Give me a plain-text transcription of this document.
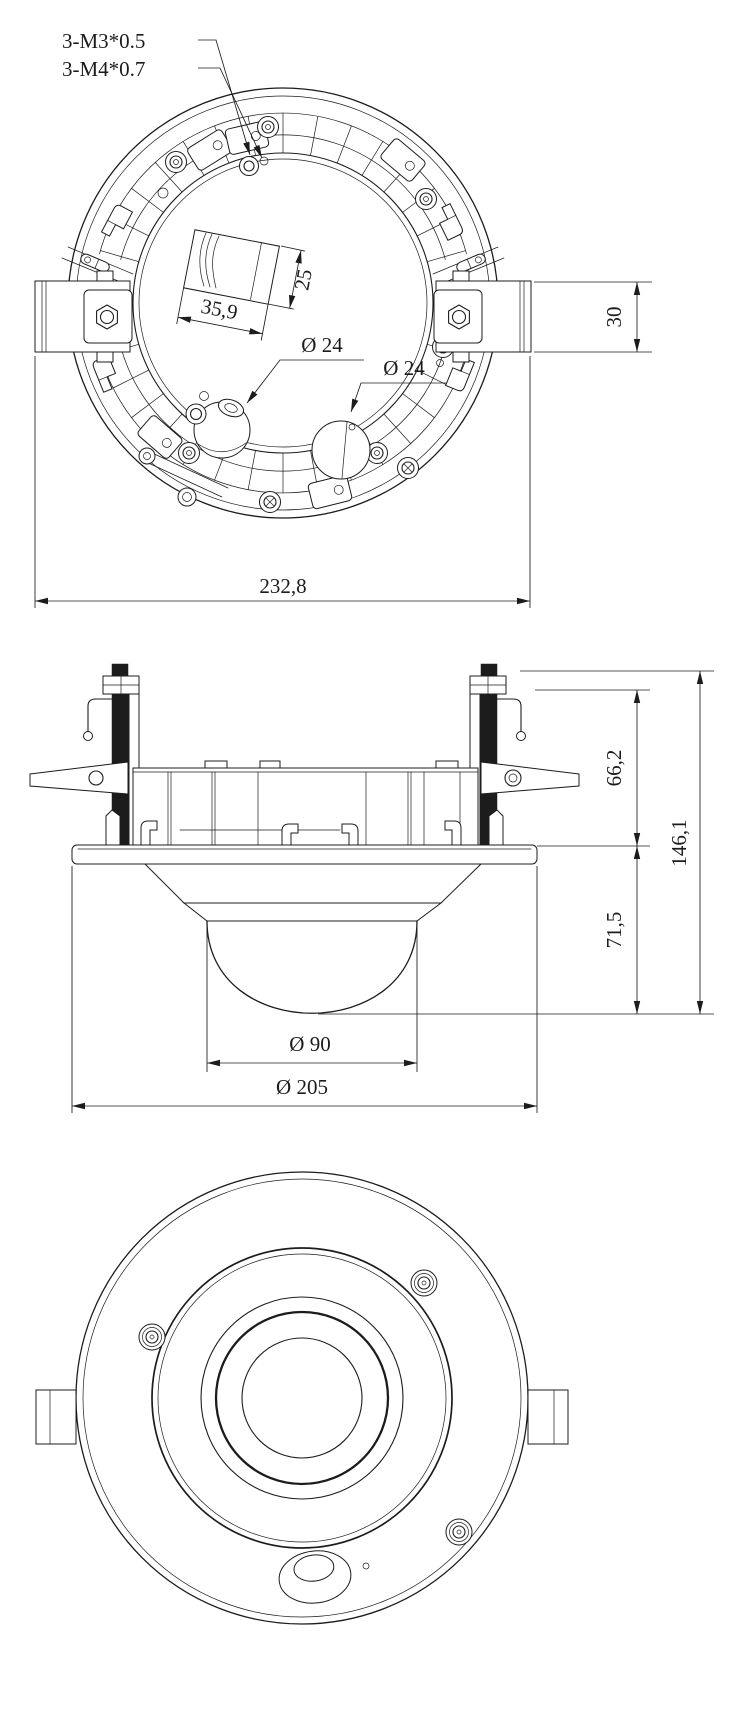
25
35,9
Ø 24
Ø 24
3-M3*0.5
3-M4*0.7
232,8
30
66,2
71,5
146,1
Ø 90
Ø 205
